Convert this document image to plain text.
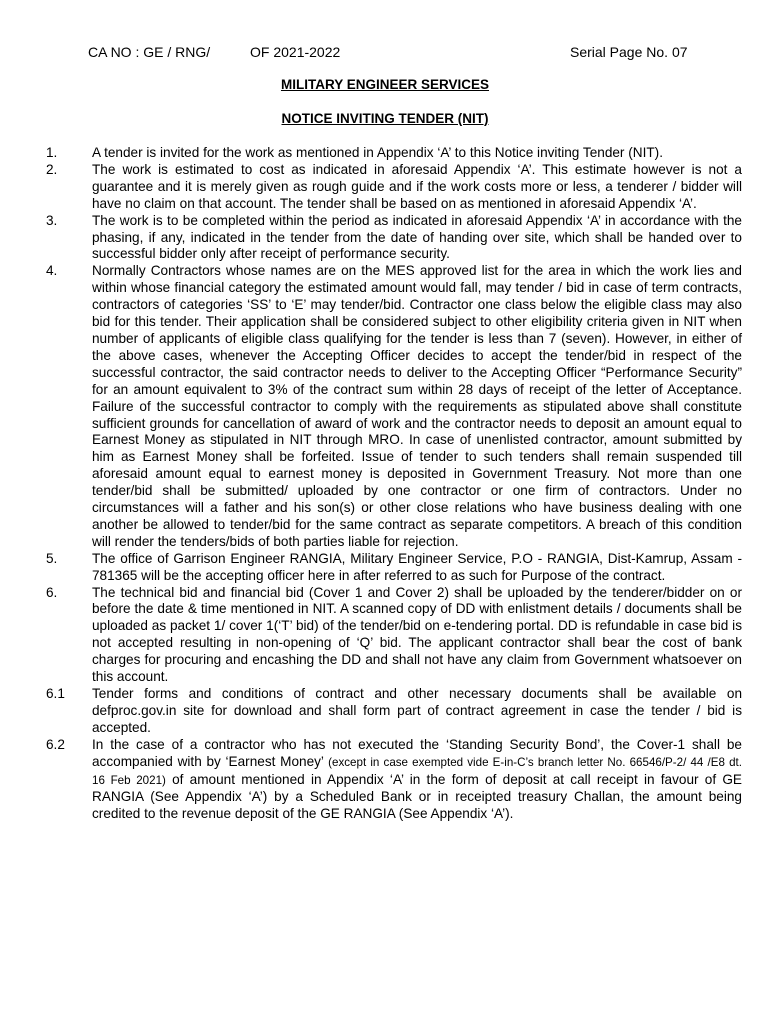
CA NO : GE / RNG/	OF 2021-2022	Serial Page No. 07
MILITARY ENGINEER SERVICES
NOTICE INVITING TENDER (NIT)
1.	A tender is invited for the work as mentioned in Appendix ‘A’ to this Notice inviting Tender (NIT).
2.	The work is estimated to cost as indicated in aforesaid Appendix ‘A’. This estimate however is not a guarantee and it is merely given as rough guide and if the work costs more or less, a tenderer / bidder will have no claim on that account. The tender shall be based on as mentioned in aforesaid Appendix ‘A’.
3.	The work is to be completed within the period as indicated in aforesaid Appendix ‘A’ in accordance with the phasing, if any, indicated in the tender from the date of handing over site, which shall be handed over to successful bidder only after receipt of performance security.
4.	Normally Contractors whose names are on the MES approved list for the area in which the work lies and within whose financial category the estimated amount would fall, may tender / bid in case of term contracts, contractors of categories ‘SS’ to ‘E’ may tender/bid. Contractor one class below the eligible class may also bid for this tender. Their application shall be considered subject to other eligibility criteria given in NIT when number of applicants of eligible class qualifying for the tender is less than 7 (seven). However, in either of the above cases, whenever the Accepting Officer decides to accept the tender/bid in respect of the successful contractor, the said contractor needs to deliver to the Accepting Officer “Performance Security” for an amount equivalent to 3% of the contract sum within 28 days of receipt of the letter of Acceptance. Failure of the successful contractor to comply with the requirements as stipulated above shall constitute sufficient grounds for cancellation of award of work and the contractor needs to deposit an amount equal to Earnest Money as stipulated in NIT through MRO. In case of unenlisted contractor, amount submitted by him as Earnest Money shall be forfeited. Issue of tender to such tenders shall remain suspended till aforesaid amount equal to earnest money is deposited in Government Treasury. Not more than one tender/bid shall be submitted/ uploaded by one contractor or one firm of contractors. Under no circumstances will a father and his son(s) or other close relations who have business dealing with one another be allowed to tender/bid for the same contract as separate competitors. A breach of this condition will render the tenders/bids of both parties liable for rejection.
5.	The office of Garrison Engineer RANGIA, Military Engineer Service, P.O - RANGIA, Dist-Kamrup, Assam - 781365 will be the accepting officer here in after referred to as such for Purpose of the contract.
6.	The technical bid and financial bid (Cover 1 and Cover 2) shall be uploaded by the tenderer/bidder on or before the date & time mentioned in NIT. A scanned copy of DD with enlistment details / documents shall be uploaded as packet 1/ cover 1(‘T’ bid) of the tender/bid on e-tendering portal. DD is refundable in case bid is not accepted resulting in non-opening of ‘Q’ bid. The applicant contractor shall bear the cost of bank charges for procuring and encashing the DD and shall not have any claim from Government whatsoever on this account.
6.1	Tender forms and conditions of contract and other necessary documents shall be available on defproc.gov.in site for download and shall form part of contract agreement in case the tender / bid is accepted.
6.2	In the case of a contractor who has not executed the ‘Standing Security Bond’, the Cover-1 shall be accompanied with by ‘Earnest Money’ (except in case exempted vide E-in-C’s branch letter No. 66546/P-2/ 44 /E8 dt. 16 Feb 2021) of amount mentioned in Appendix ‘A’ in the form of deposit at call receipt in favour of GE RANGIA (See Appendix ‘A’) by a Scheduled Bank or in receipted treasury Challan, the amount being credited to the revenue deposit of the GE RANGIA (See Appendix ‘A’).
